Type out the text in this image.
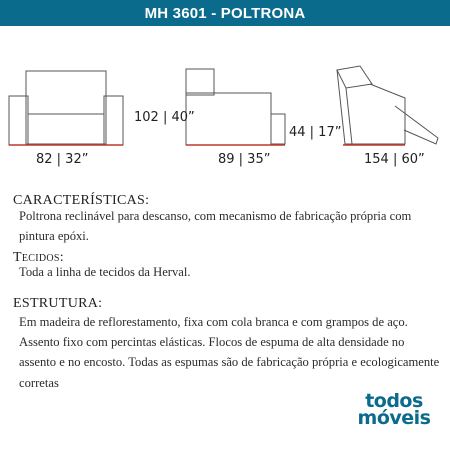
MH 3601 - POLTRONA
82 | 32”
102 | 40”
89 | 35”
44 | 17”
154 | 60”
CARACTERÍSTICAS:
Poltrona reclinável para descanso, com mecanismo de fabricação própria com
pintura epóxi.
Tecidos:
Toda a linha de tecidos da Herval.
ESTRUTURA:
Em madeira de reflorestamento, fixa com cola branca e com grampos de aço.
Assento fixo com percintas elásticas. Flocos de espuma de alta densidade no
assento e no encosto. Todas as espumas são de fabricação própria e ecologicamente
corretas
todos
móveis
